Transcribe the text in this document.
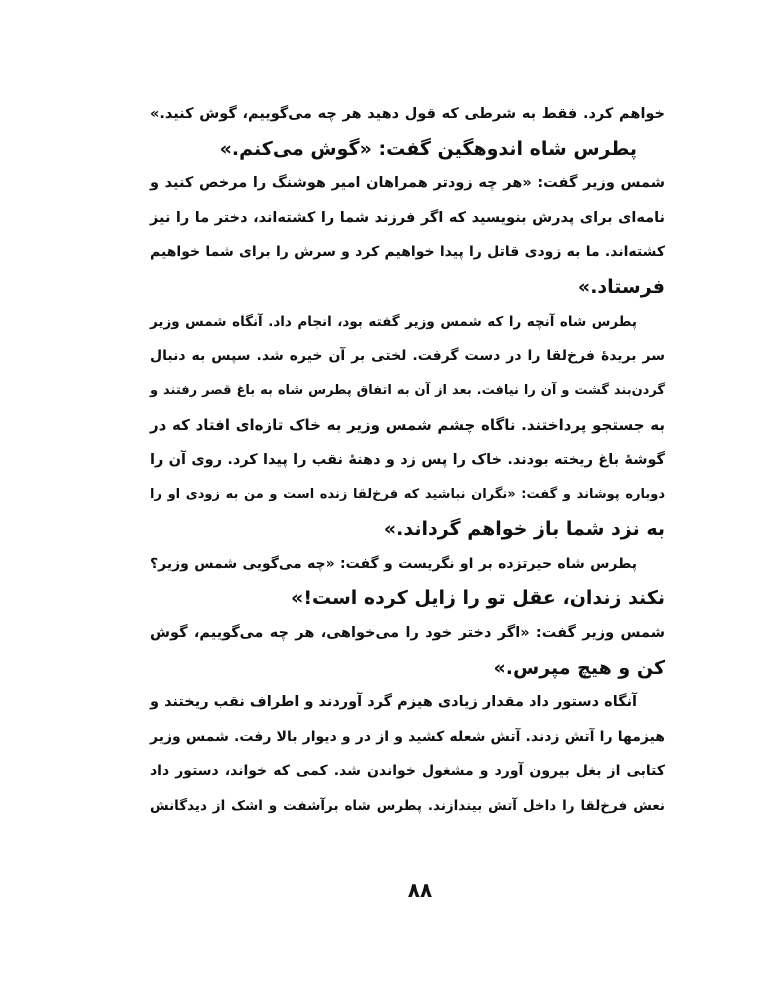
خواهم کرد. فقط به شرطی که قول دهید هر چه می‌گوییم، گوش کنید.»
پطرس شاه اندوهگین گفت: «گوش می‌کنم.»
شمس وزیر گفت: «هر چه زودتر همراهان امیر هوشنگ را مرخص کنید و
نامه‌ای برای پدرش بنویسید که اگر فرزند شما را کشته‌اند، دختر ما را نیز
کشته‌اند. ما به زودی قاتل را پیدا خواهیم کرد و سرش را برای شما خواهیم
فرستاد.»
پطرس شاه آنچه را که شمس وزیر گفته بود، انجام داد. آنگاه شمس وزیر
سر بریدهٔ فرخ‌لقا را در دست گرفت. لختی بر آن خیره شد. سپس به دنبال
گردن‌بند گشت و آن را نیافت. بعد از آن به اتفاق پطرس شاه به باغ قصر رفتند و
به جستجو پرداختند. ناگاه چشم شمس وزیر به خاک تازه‌ای افتاد که در
گوشهٔ باغ ریخته بودند. خاک را پس زد و دهنهٔ نقب را پیدا کرد. روی آن را
دوباره پوشاند و گفت: «نگران نباشید که فرخ‌لقا زنده است و من به زودی او را
به نزد شما باز خواهم گرداند.»
پطرس شاه حیرتزده بر او نگریست و گفت: «چه می‌گویی شمس وزیر؟
نکند زندان، عقل تو را زایل کرده است!»
شمس وزیر گفت: «اگر دختر خود را می‌خواهی، هر چه می‌گوییم، گوش
کن و هیچ مپرس.»
آنگاه دستور داد مقدار زیادی هیزم گرد آوردند و اطراف نقب ریختند و
هیزمها را آتش زدند. آتش شعله کشید و از در و دیوار بالا رفت. شمس وزیر
کتابی از بغل بیرون آورد و مشغول خواندن شد. کمی که خواند، دستور داد
نعش فرخ‌لقا را داخل آتش بیندازند. پطرس شاه برآشفت و اشک از دیدگانش
۸۸
